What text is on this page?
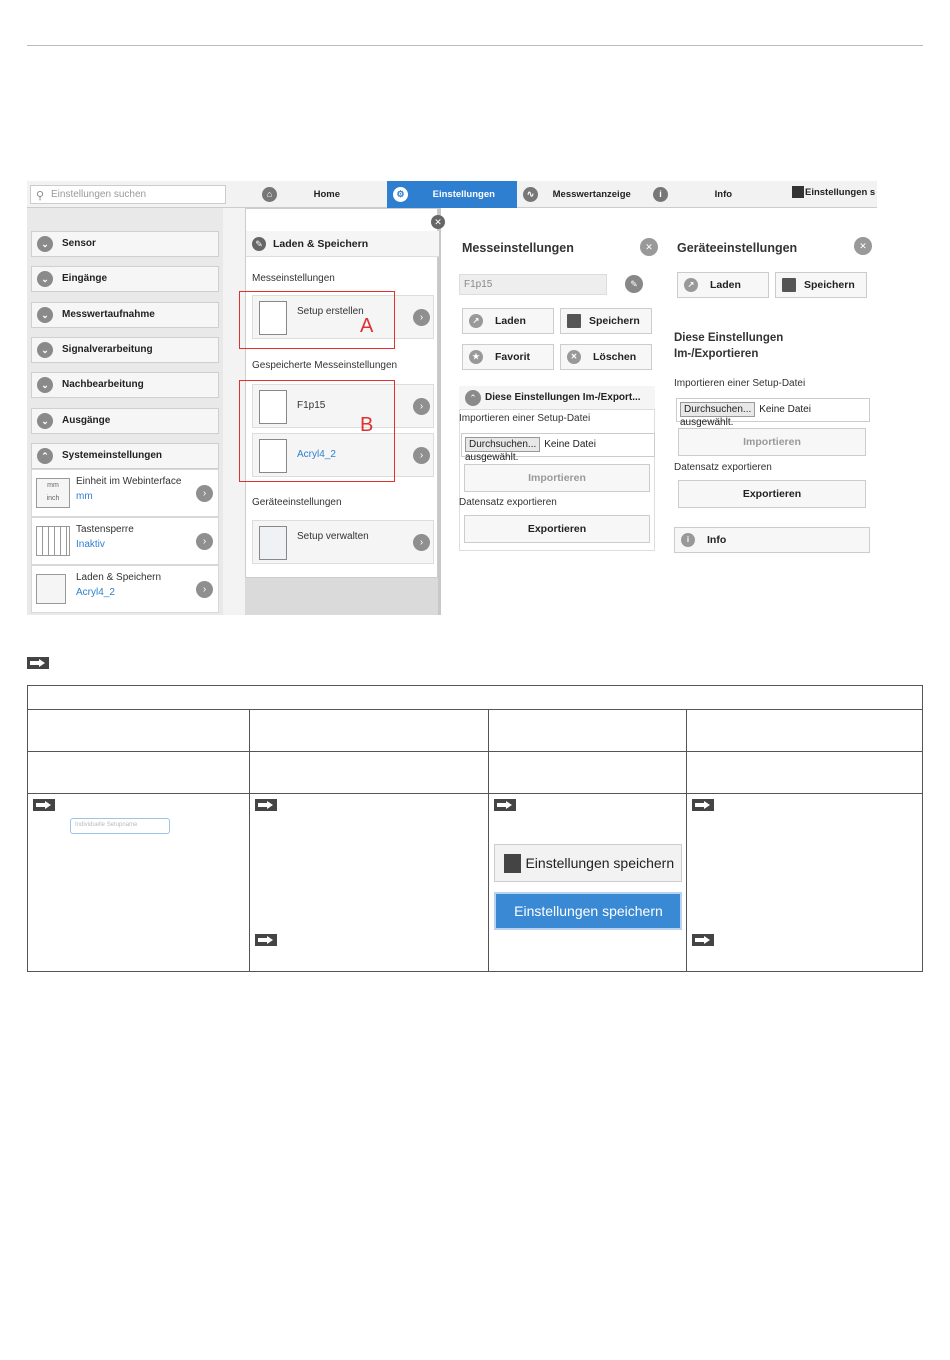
⚲ Einstellungen suchen	⌂	Home	⚙	Einstellungen	∿ Messwertanzeige	i	Info	Einstellungen s
⌄	Sensor
⌄	Eingänge
⌄	Messwertaufnahme
⌄	Signalverarbeitung
⌄	Nachbearbeitung
⌄	Ausgänge
⌃	Systemeinstellungen
mm
inch
Einheit im Webinterface
mm	›
Tastensperre
Inaktiv	›
Laden & Speichern
Acryl4_2	›
✎ Laden & Speichern
Messeinstellungen
Setup erstellen
›
Gespeicherte Messeinstellungen
F1p15	›
Acryl4_2	›
Geräteeinstellungen
Setup verwalten
›
A
B
✕
Messeinstellungen	✕
F1p15	✎
↗ Laden	Speichern
★ Favorit	✕ Löschen
⌃ Diese Einstellungen Im-/Export...
Importieren einer Setup-Datei
Durchsuchen... Keine Datei ausgewählt.
Importieren
Datensatz exportieren
Exportieren
Geräteeinstellungen	✕
↗ Laden	Speichern
Diese Einstellungen
Im-/Exportieren
Importieren einer Setup-Datei
Durchsuchen... Keine Datei ausgewählt.
Importieren
Datensatz exportieren
Exportieren
i Info

Individuelle Setupname		Einstellungen speichern
Einstellungen speichern	
